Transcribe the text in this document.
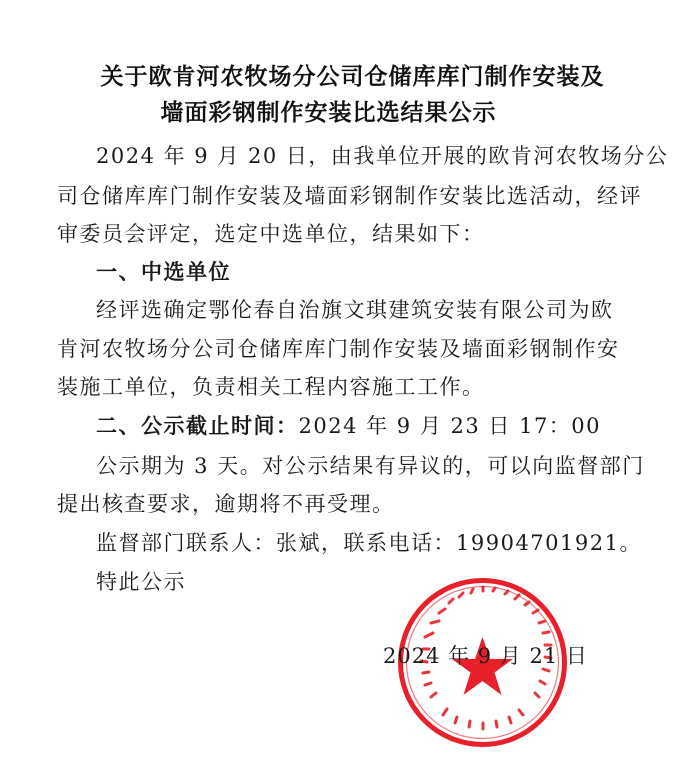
关于欧肯河农牧场分公司仓储库库门制作安装及
墙面彩钢制作安装比选结果公示
2024 年 9 月 20 日，由我单位开展的欧肯河农牧场分公
司仓储库库门制作安装及墙面彩钢制作安装比选活动，经评
审委员会评定，选定中选单位，结果如下：
一、中选单位
经评选确定鄂伦春自治旗文琪建筑安装有限公司为欧
肯河农牧场分公司仓储库库门制作安装及墙面彩钢制作安
装施工单位，负责相关工程内容施工工作。
二、公示截止时间：2024 年 9 月 23 日 17：00
公示期为 3 天。对公示结果有异议的，可以向监督部门
提出核查要求，逾期将不再受理。
监督部门联系人：张斌，联系电话：19904701921。
特此公示
2024 年 9 月 21 日
